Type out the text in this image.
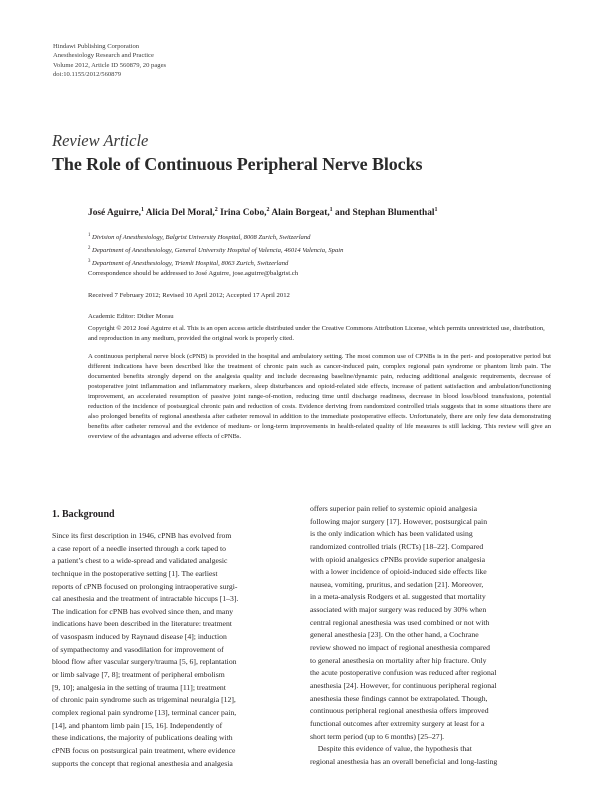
Hindawi Publishing Corporation
Anesthesiology Research and Practice
Volume 2012, Article ID 560879, 20 pages
doi:10.1155/2012/560879
Review Article
The Role of Continuous Peripheral Nerve Blocks
José Aguirre,$^1$ Alicia Del Moral,$^2$ Irina Cobo,$^2$ Alain Borgeat,$^1$ and Stephan Blumenthal$^1$
$^1$ Division of Anesthesiology, Balgrist University Hospital, 8008 Zurich, Switzerland
$^2$ Department of Anesthesiology, General University Hospital of Valencia, 46014 Valencia, Spain
$^3$ Department of Anesthesiology, Triemli Hospital, 8063 Zurich, Switzerland
Correspondence should be addressed to José Aguirre, jose.aguirre@balgrist.ch
Received 7 February 2012; Revised 10 April 2012; Accepted 17 April 2012
Academic Editor: Didier Morau
Copyright © 2012 José Aguirre et al. This is an open access article distributed under the Creative Commons Attribution License, which permits unrestricted use, distribution, and reproduction in any medium, provided the original work is properly cited.
A continuous peripheral nerve block (cPNB) is provided in the hospital and ambulatory setting. The most common use of CPNBs is in the peri- and postoperative period but different indications have been described like the treatment of chronic pain such as cancer-induced pain, complex regional pain syndrome or phantom limb pain. The documented benefits strongly depend on the analgesia quality and include decreasing baseline/dynamic pain, reducing additional analgesic requirements, decrease of postoperative joint inflammation and inflammatory markers, sleep disturbances and opioid-related side effects, increase of patient satisfaction and ambulation/functioning improvement, an accelerated resumption of passive joint range-of-motion, reducing time until discharge readiness, decrease in blood loss/blood transfusions, potential reduction of the incidence of postsurgical chronic pain and reduction of costs. Evidence deriving from randomized controlled trials suggests that in some situations there are also prolonged benefits of regional anesthesia after catheter removal in addition to the immediate postoperative effects. Unfortunately, there are only few data demonstrating benefits after catheter removal and the evidence of medium- or long-term improvements in health-related quality of life measures is still lacking. This review will give an overview of the advantages and adverse effects of cPNBs.
1. Background
Since its first description in 1946, cPNB has evolved from
a case report of a needle inserted through a cork taped to
a patient’s chest to a wide-spread and validated analgesic
technique in the postoperative setting [1]. The earliest
reports of cPNB focused on prolonging intraoperative surgi-
cal anesthesia and the treatment of intractable hiccups [1–3].
The indication for cPNB has evolved since then, and many
indications have been described in the literature: treatment
of vasospasm induced by Raynaud disease [4]; induction
of sympathectomy and vasodilation for improvement of
blood flow after vascular surgery/trauma [5, 6], replantation
or limb salvage [7, 8]; treatment of peripheral embolism
[9, 10]; analgesia in the setting of trauma [11]; treatment
of chronic pain syndrome such as trigeminal neuralgia [12],
complex regional pain syndrome [13], terminal cancer pain,
[14], and phantom limb pain [15, 16]. Independently of
these indications, the majority of publications dealing with
cPNB focus on postsurgical pain treatment, where evidence
supports the concept that regional anesthesia and analgesia
offers superior pain relief to systemic opioid analgesia
following major surgery [17]. However, postsurgical pain
is the only indication which has been validated using
randomized controlled trials (RCTs) [18–22]. Compared
with opioid analgesics cPNBs provide superior analgesia
with a lower incidence of opioid-induced side effects like
nausea, vomiting, pruritus, and sedation [21]. Moreover,
in a meta-analysis Rodgers et al. suggested that mortality
associated with major surgery was reduced by 30% when
central regional anesthesia was used combined or not with
general anesthesia [23]. On the other hand, a Cochrane
review showed no impact of regional anesthesia compared
to general anesthesia on mortality after hip fracture. Only
the acute postoperative confusion was reduced after regional
anesthesia [24]. However, for continuous peripheral regional
anesthesia these findings cannot be extrapolated. Though,
continuous peripheral regional anesthesia offers improved
functional outcomes after extremity surgery at least for a
short term period (up to 6 months) [25–27].
Despite this evidence of value, the hypothesis that
regional anesthesia has an overall beneficial and long-lasting
